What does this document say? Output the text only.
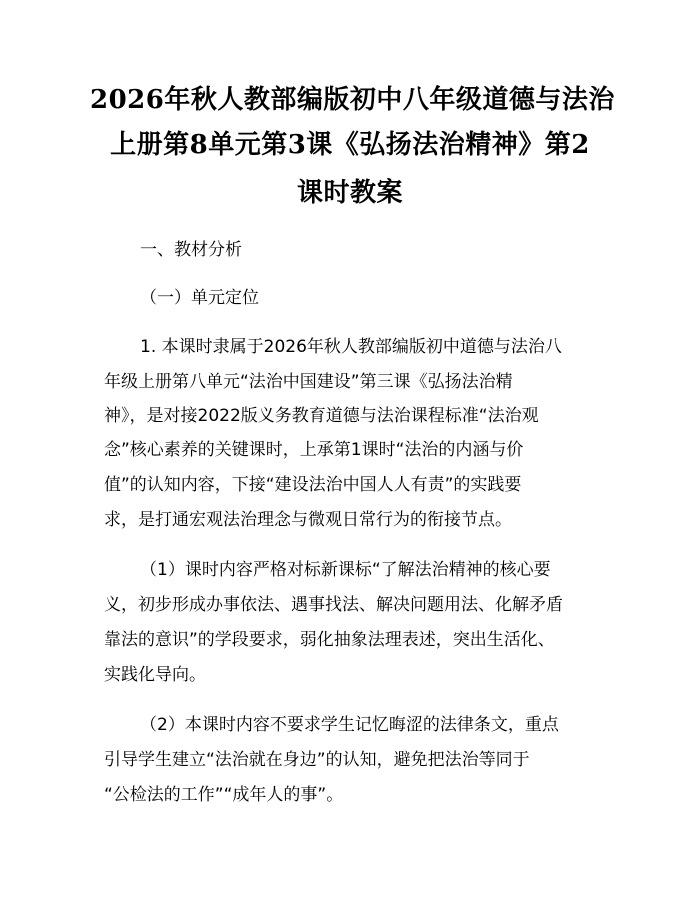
2026年秋人教部编版初中八年级道德与法治
上册第8单元第3课《弘扬法治精神》第2
课时教案
一、教材分析
（一）单元定位
1. 本课时隶属于2026年秋人教部编版初中道德与法治八
年级上册第八单元“法治中国建设”第三课《弘扬法治精
神》，是对接2022版义务教育道德与法治课程标准“法治观
念”核心素养的关键课时，上承第1课时“法治的内涵与价
值”的认知内容，下接“建设法治中国人人有责”的实践要
求，是打通宏观法治理念与微观日常行为的衔接节点。
（1）课时内容严格对标新课标“了解法治精神的核心要
义，初步形成办事依法、遇事找法、解决问题用法、化解矛盾
靠法的意识”的学段要求，弱化抽象法理表述，突出生活化、
实践化导向。
（2）本课时内容不要求学生记忆晦涩的法律条文，重点
引导学生建立“法治就在身边”的认知，避免把法治等同于
“公检法的工作”“成年人的事”。
